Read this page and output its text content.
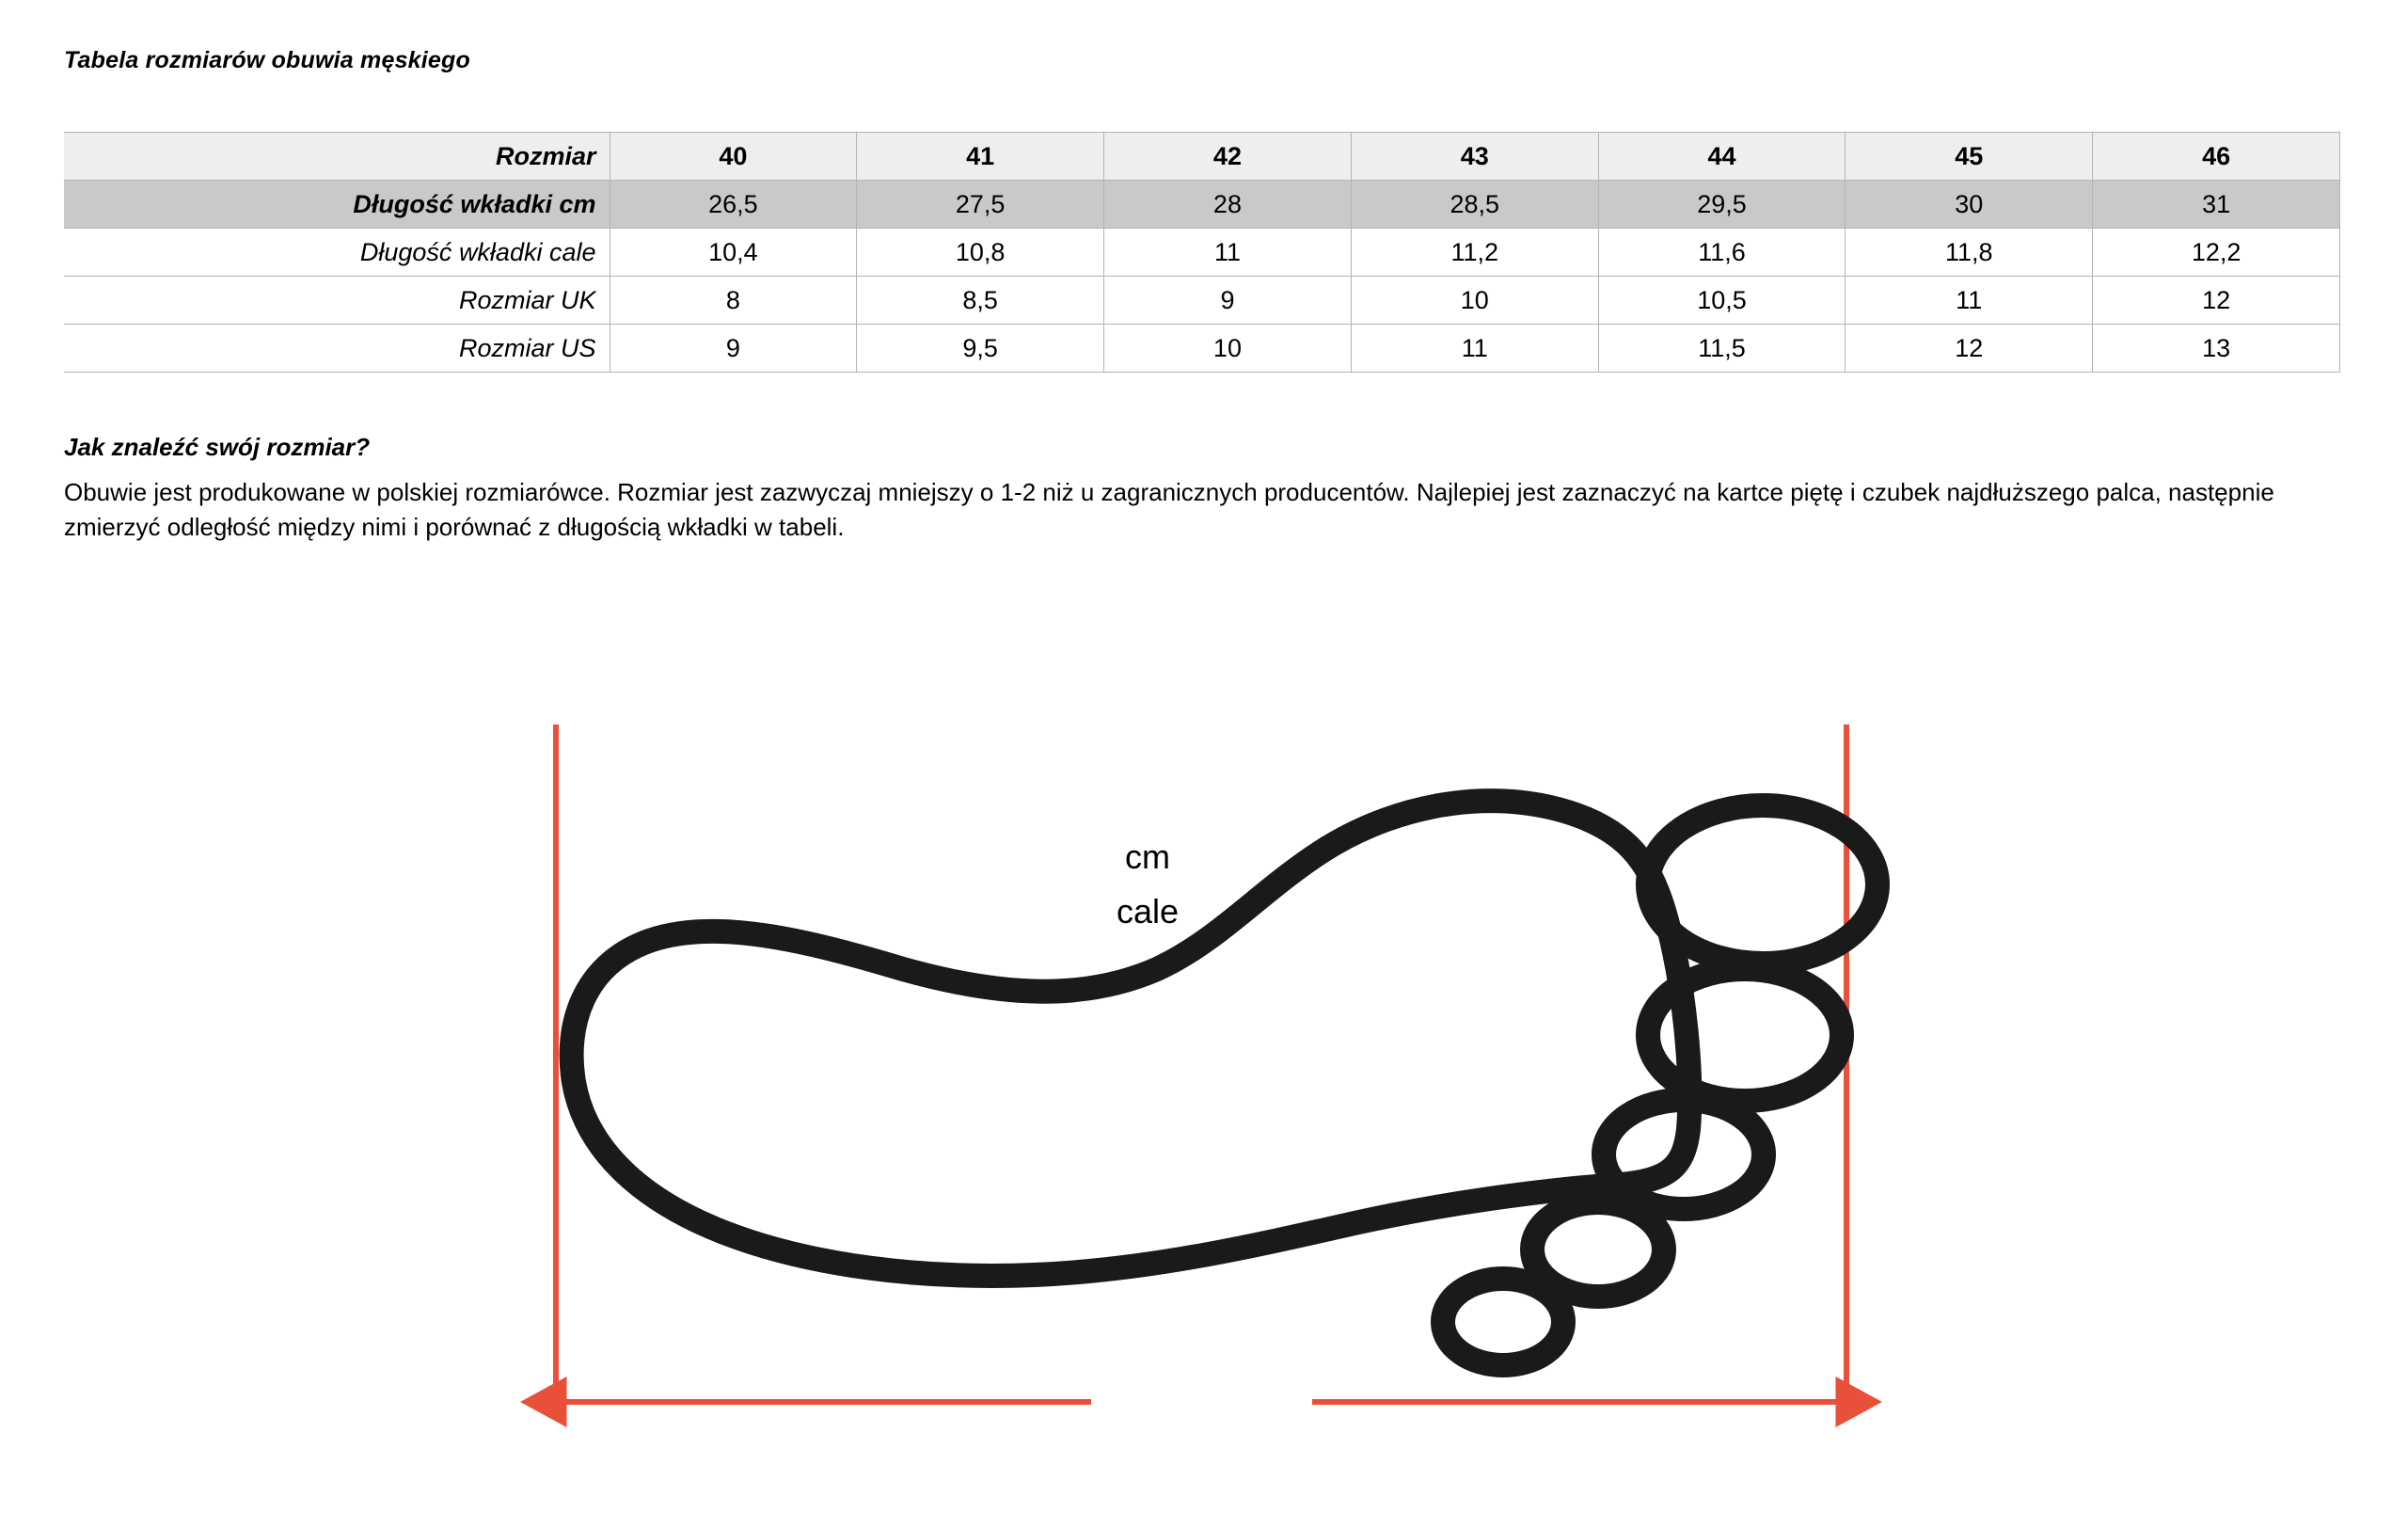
Tabela rozmiarów obuwia męskiego
Rozmiar	40	41	42	43	44	45	46
Długość wkładki cm	26,5	27,5	28	28,5	29,5	30	31
Długość wkładki cale	10,4	10,8	11	11,2	11,6	11,8	12,2
Rozmiar UK	8	8,5	9	10	10,5	11	12
Rozmiar US	9	9,5	10	11	11,5	12	13
Jak znaleźć swój rozmiar?
Obuwie jest produkowane w polskiej rozmiarówce. Rozmiar jest zazwyczaj mniejszy o 1-2 niż u zagranicznych producentów. Najlepiej jest zaznaczyć na kartce piętę i czubek najdłuższego palca, następnie zmierzyć odległość między nimi i porównać z długością wkładki w tabeli.
cm
cale
